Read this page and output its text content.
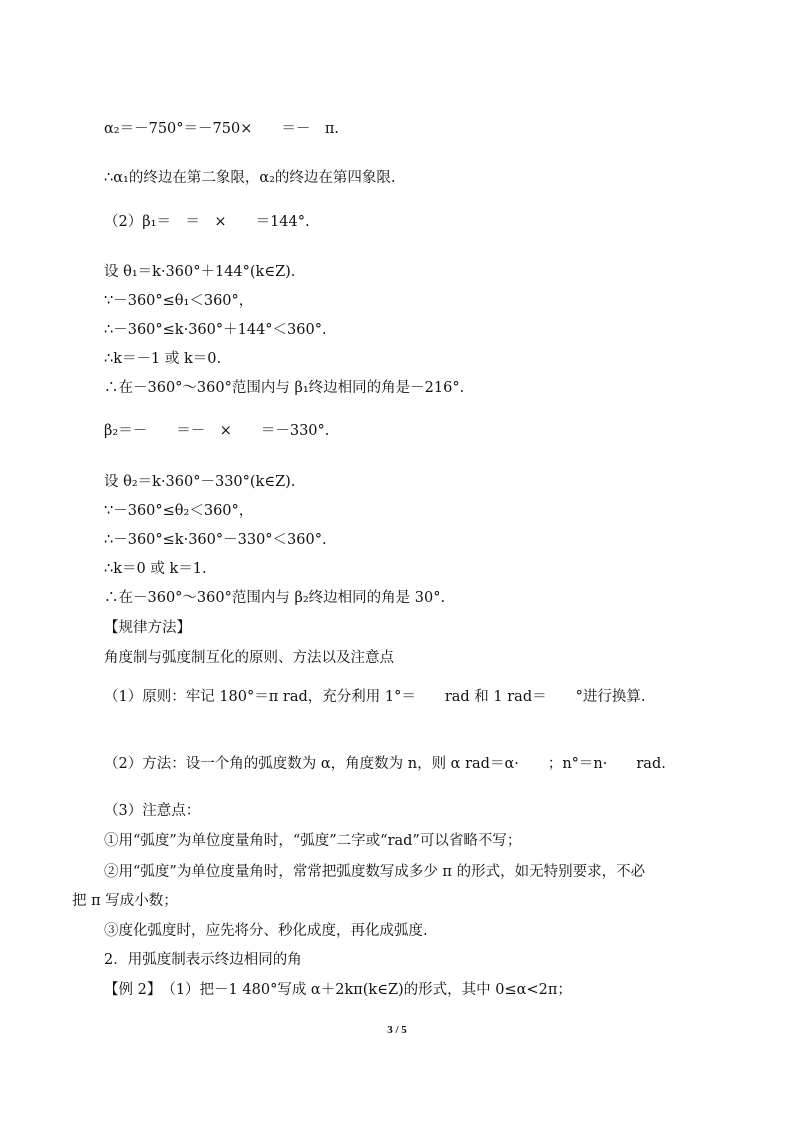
α₂＝－750°＝－750×　　＝－　π.
∴α₁的终边在第二象限，α₂的终边在第四象限.
（2）β₁＝　＝　×　　＝144°.
设 θ₁＝k·360°＋144°(k∈Z).
∵－360°≤θ₁＜360°，
∴－360°≤k·360°＋144°＜360°.
∴k＝－1 或 k＝0.
∴在－360°～360°范围内与 β₁终边相同的角是－216°.
β₂＝－　　＝－　×　　＝－330°.
设 θ₂＝k·360°－330°(k∈Z).
∵－360°≤θ₂＜360°，
∴－360°≤k·360°－330°＜360°.
∴k＝0 或 k＝1.
∴在－360°～360°范围内与 β₂终边相同的角是 30°.
【规律方法】
角度制与弧度制互化的原则、方法以及注意点
（1）原则：牢记 180°＝π rad，充分利用 1°＝　　rad 和 1 rad＝　　°进行换算.
（2）方法：设一个角的弧度数为 α，角度数为 n，则 α rad＝α·　　；n°＝n·　　rad.
（3）注意点：
①用“弧度”为单位度量角时，“弧度”二字或“rad”可以省略不写；
②用“弧度”为单位度量角时，常常把弧度数写成多少 π 的形式，如无特别要求，不必
把 π 写成小数；
③度化弧度时，应先将分、秒化成度，再化成弧度.
2．用弧度制表示终边相同的角
【例 2】　（1）把－1 480°写成 α＋2kπ(k∈Z)的形式，其中 0≤α<2π；
3 / 5
